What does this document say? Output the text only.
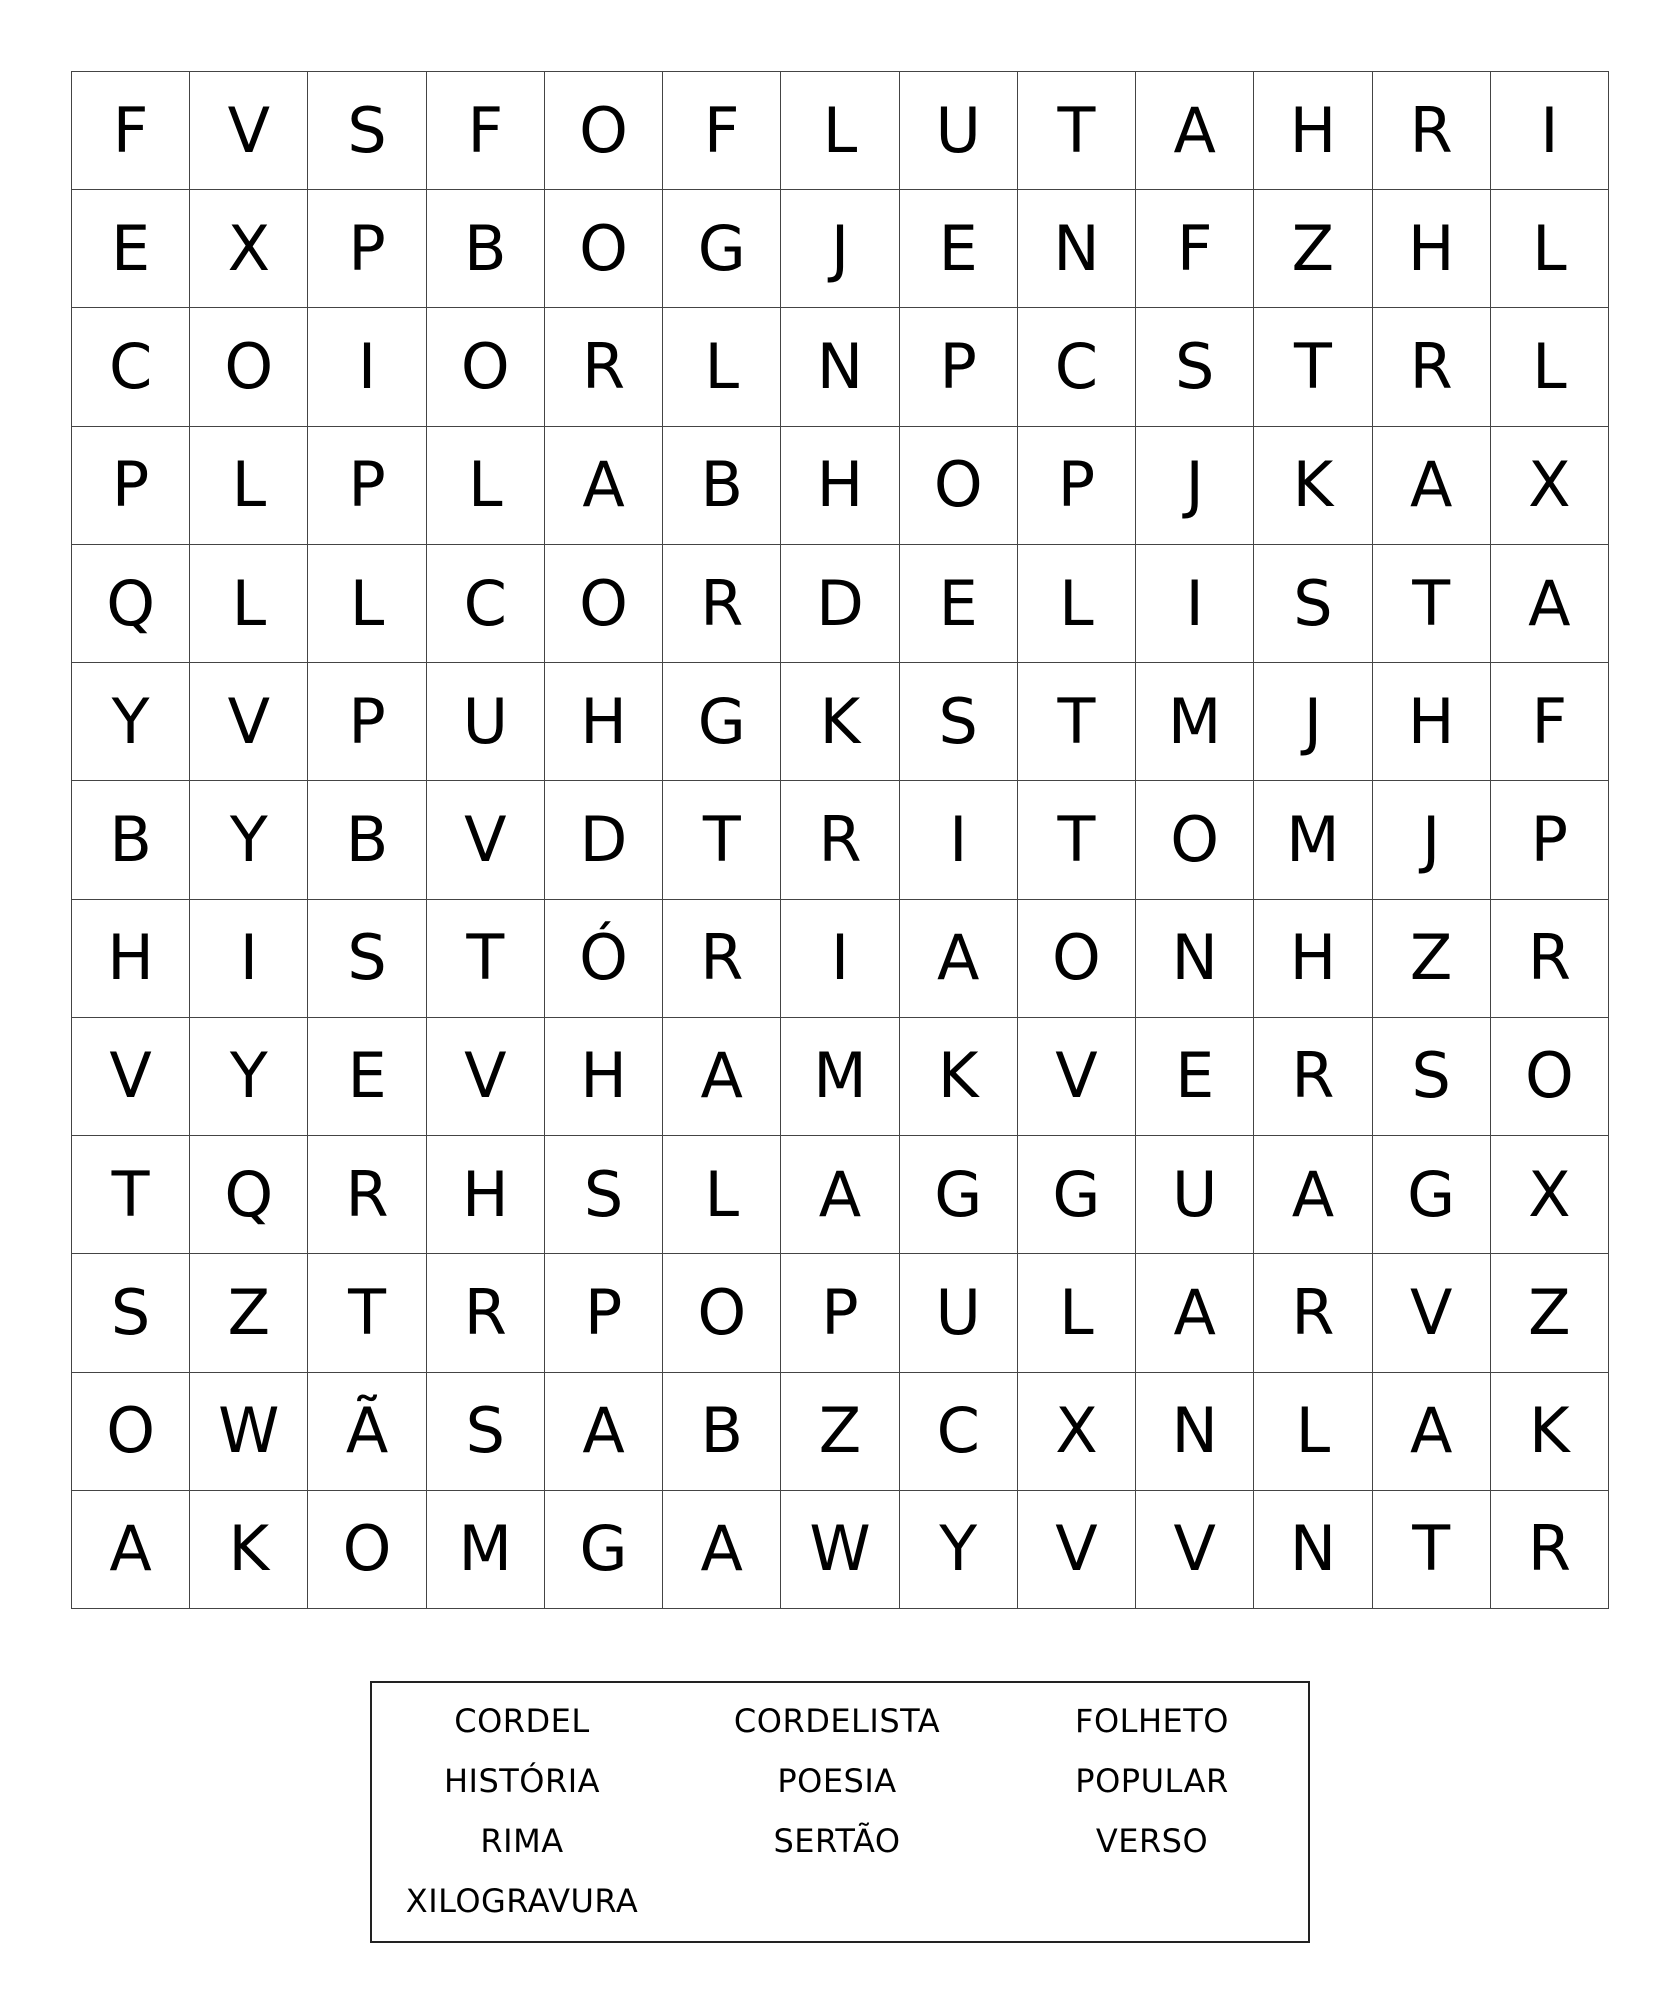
F	V	S	F	O	F	L	U	T	A	H	R	I
E	X	P	B	O	G	J	E	N	F	Z	H	L
C	O	I	O	R	L	N	P	C	S	T	R	L
P	L	P	L	A	B	H	O	P	J	K	A	X
Q	L	L	C	O	R	D	E	L	I	S	T	A
Y	V	P	U	H	G	K	S	T	M	J	H	F
B	Y	B	V	D	T	R	I	T	O	M	J	P
H	I	S	T	Ó	R	I	A	O	N	H	Z	R
V	Y	E	V	H	A	M	K	V	E	R	S	O
T	Q	R	H	S	L	A	G	G	U	A	G	X
S	Z	T	R	P	O	P	U	L	A	R	V	Z
O	W	Ã	S	A	B	Z	C	X	N	L	A	K
A	K	O	M	G	A	W	Y	V	V	N	T	R
CORDEL	CORDELISTA	FOLHETO
HISTÓRIA	POESIA	POPULAR
RIMA	SERTÃO	VERSO
XILOGRAVURA
